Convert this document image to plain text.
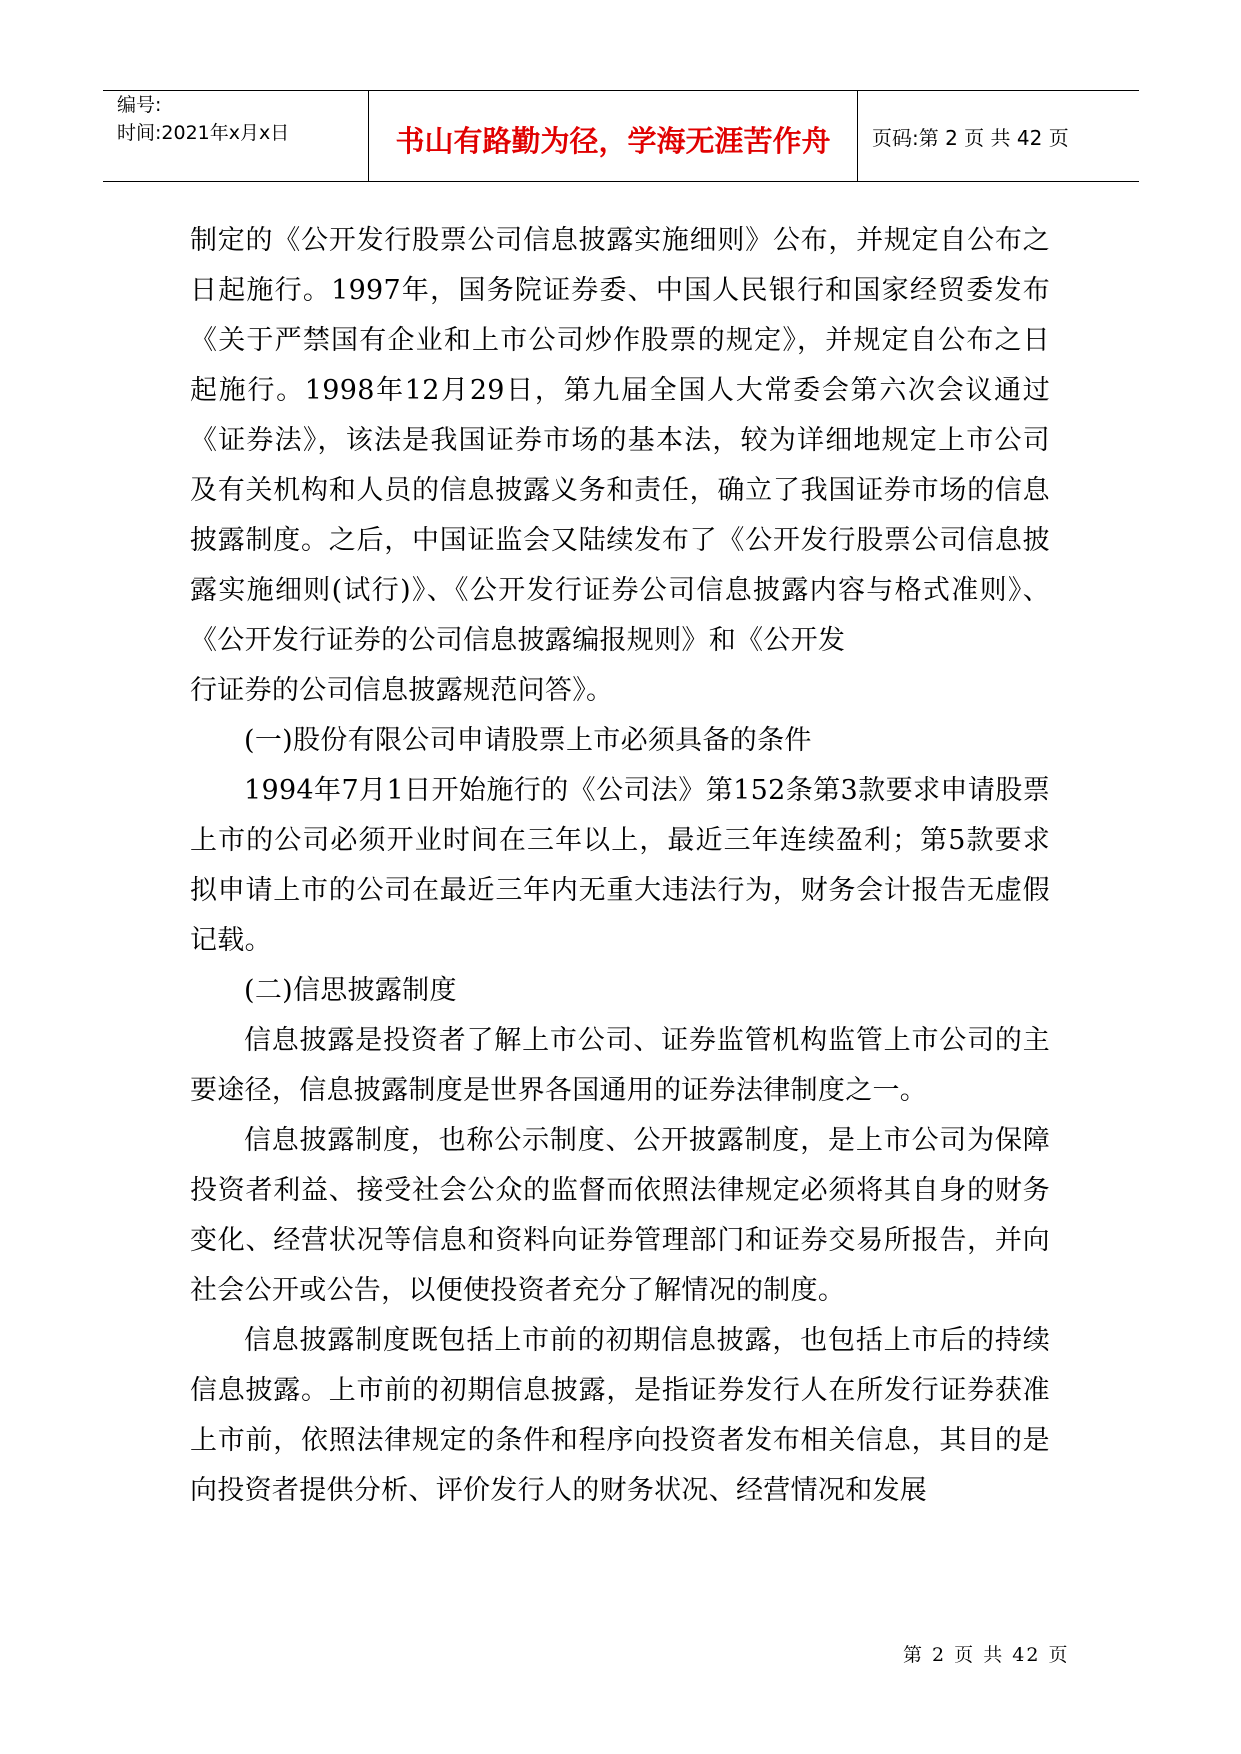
编号:
时间:2021年x月x日	书山有路勤为径，学海无涯苦作舟 页码:第 2 页 共 42 页

制定的《公开发行股票公司信息披露实施细则》公布，并规定自公布之日起施行。1997年，国务院证券委、中国人民银行和国家经贸委发布《关于严禁国有企业和上市公司炒作股票的规定》，并规定自公布之日起施行。1998年12月29日，第九届全国人大常委会第六次会议通过《证券法》，该法是我国证券市场的基本法，较为详细地规定上市公司及有关机构和人员的信息披露义务和责任，确立了我国证券市场的信息披露制度。之后，中国证监会又陆续发布了《公开发行股票公司信息披露实施细则(试行)》、《公开发行证券公司信息披露内容与格式准则》、《公开发行证券的公司信息披露编报规则》和《公开发

行证券的公司信息披露规范问答》。

(一)股份有限公司申请股票上市必须具备的条件

1994年7月1日开始施行的《公司法》第152条第3款要求申请股票上市的公司必须开业时间在三年以上，最近三年连续盈利；第5款要求拟申请上市的公司在最近三年内无重大违法行为，财务会计报告无虚假记载。

(二)信思披露制度

信息披露是投资者了解上市公司、证券监管机构监管上市公司的主要途径，信息披露制度是世界各国通用的证券法律制度之一。

信息披露制度，也称公示制度、公开披露制度，是上市公司为保障投资者利益、接受社会公众的监督而依照法律规定必须将其自身的财务变化、经营状况等信息和资料向证券管理部门和证券交易所报告，并向社会公开或公告，以便使投资者充分了解情况的制度。

信息披露制度既包括上市前的初期信息披露，也包括上市后的持续信息披露。上市前的初期信息披露，是指证券发行人在所发行证券获准上市前，依照法律规定的条件和程序向投资者发布相关信息，其目的是向投资者提供分析、评价发行人的财务状况、经营情况和发展

第 2 页 共 42 页
